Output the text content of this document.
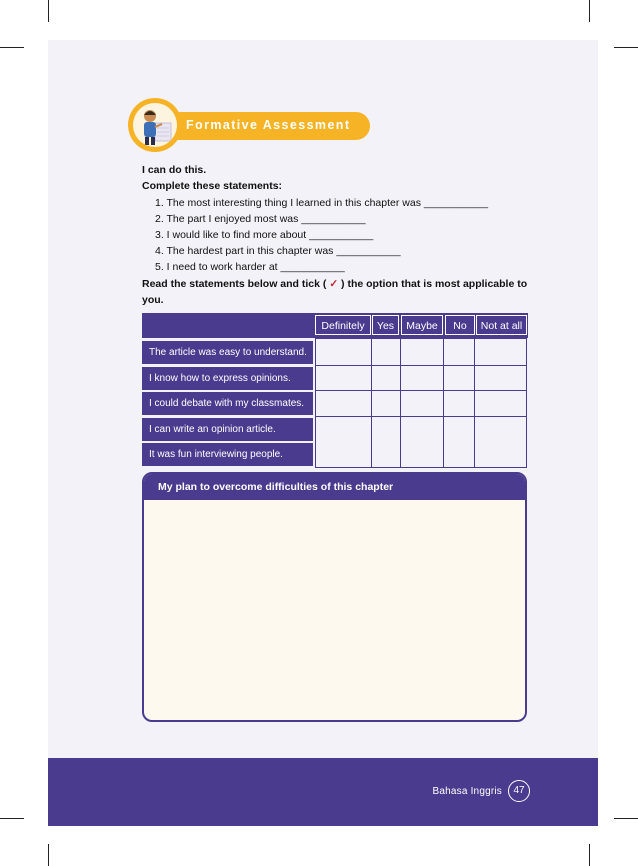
Formative Assessment
I can do this.
Complete these statements:
1. The most interesting thing I learned in this chapter was ___________
2. The part I enjoyed most was ___________
3. I would like to find more about ___________
4. The hardest part in this chapter was ___________
5. I need to work harder at ___________
Read the statements below and tick ( ✓ ) the option that is most applicable to
you.
Definitely	Yes	Maybe	No	Not at all
The article was easy to understand.
I know how to express opinions.
I could debate with my classmates.
I can write an opinion article.
It was fun interviewing people.
My plan to overcome difficulties of this chapter
Bahasa Inggris	47
